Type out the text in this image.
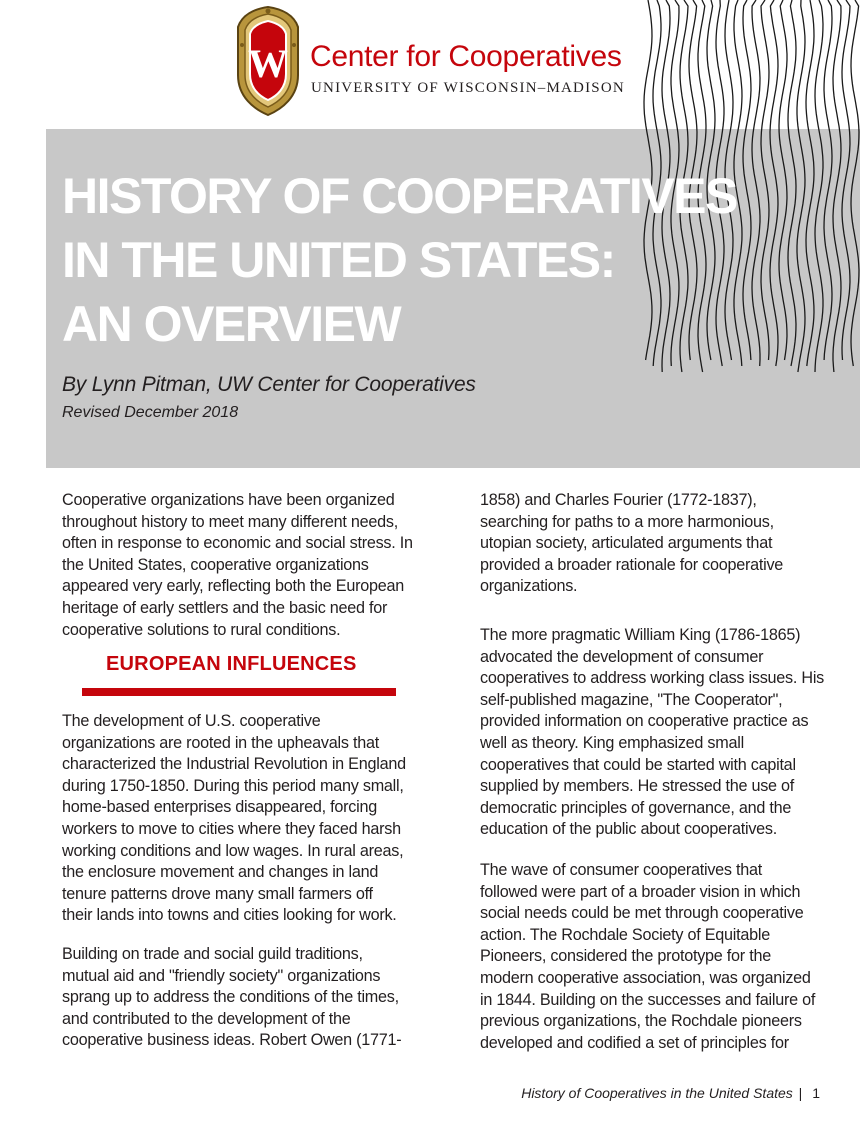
W Center for Cooperatives

UNIVERSITY OF WISCONSIN–MADISON

HISTORY OF COOPERATIVES
IN THE UNITED STATES:
AN OVERVIEW

By Lynn Pitman, UW Center for Cooperatives

Revised December 2018

Cooperative organizations have been organized
throughout history to meet many different needs,
often in response to economic and social stress. In
the United States, cooperative organizations
appeared very early, reflecting both the European
heritage of early settlers and the basic need for
cooperative solutions to rural conditions.

EUROPEAN INFLUENCES

The development of U.S. cooperative
organizations are rooted in the upheavals that
characterized the Industrial Revolution in England
during 1750-1850. During this period many small,
home-based enterprises disappeared, forcing
workers to move to cities where they faced harsh
working conditions and low wages. In rural areas,
the enclosure movement and changes in land
tenure patterns drove many small farmers off
their lands into towns and cities looking for work.

Building on trade and social guild traditions,
mutual aid and "friendly society" organizations
sprang up to address the conditions of the times,
and contributed to the development of the
cooperative business ideas. Robert Owen (1771-

1858) and Charles Fourier (1772-1837),
searching for paths to a more harmonious,
utopian society, articulated arguments that
provided a broader rationale for cooperative
organizations.

The more pragmatic William King (1786-1865)
advocated the development of consumer
cooperatives to address working class issues. His
self-published magazine, "The Cooperator",
provided information on cooperative practice as
well as theory. King emphasized small
cooperatives that could be started with capital
supplied by members. He stressed the use of
democratic principles of governance, and the
education of the public about cooperatives.

The wave of consumer cooperatives that
followed were part of a broader vision in which
social needs could be met through cooperative
action. The Rochdale Society of Equitable
Pioneers, considered the prototype for the
modern cooperative association, was organized
in 1844. Building on the successes and failure of
previous organizations, the Rochdale pioneers
developed and codified a set of principles for

History of Cooperatives in the United States | 1
